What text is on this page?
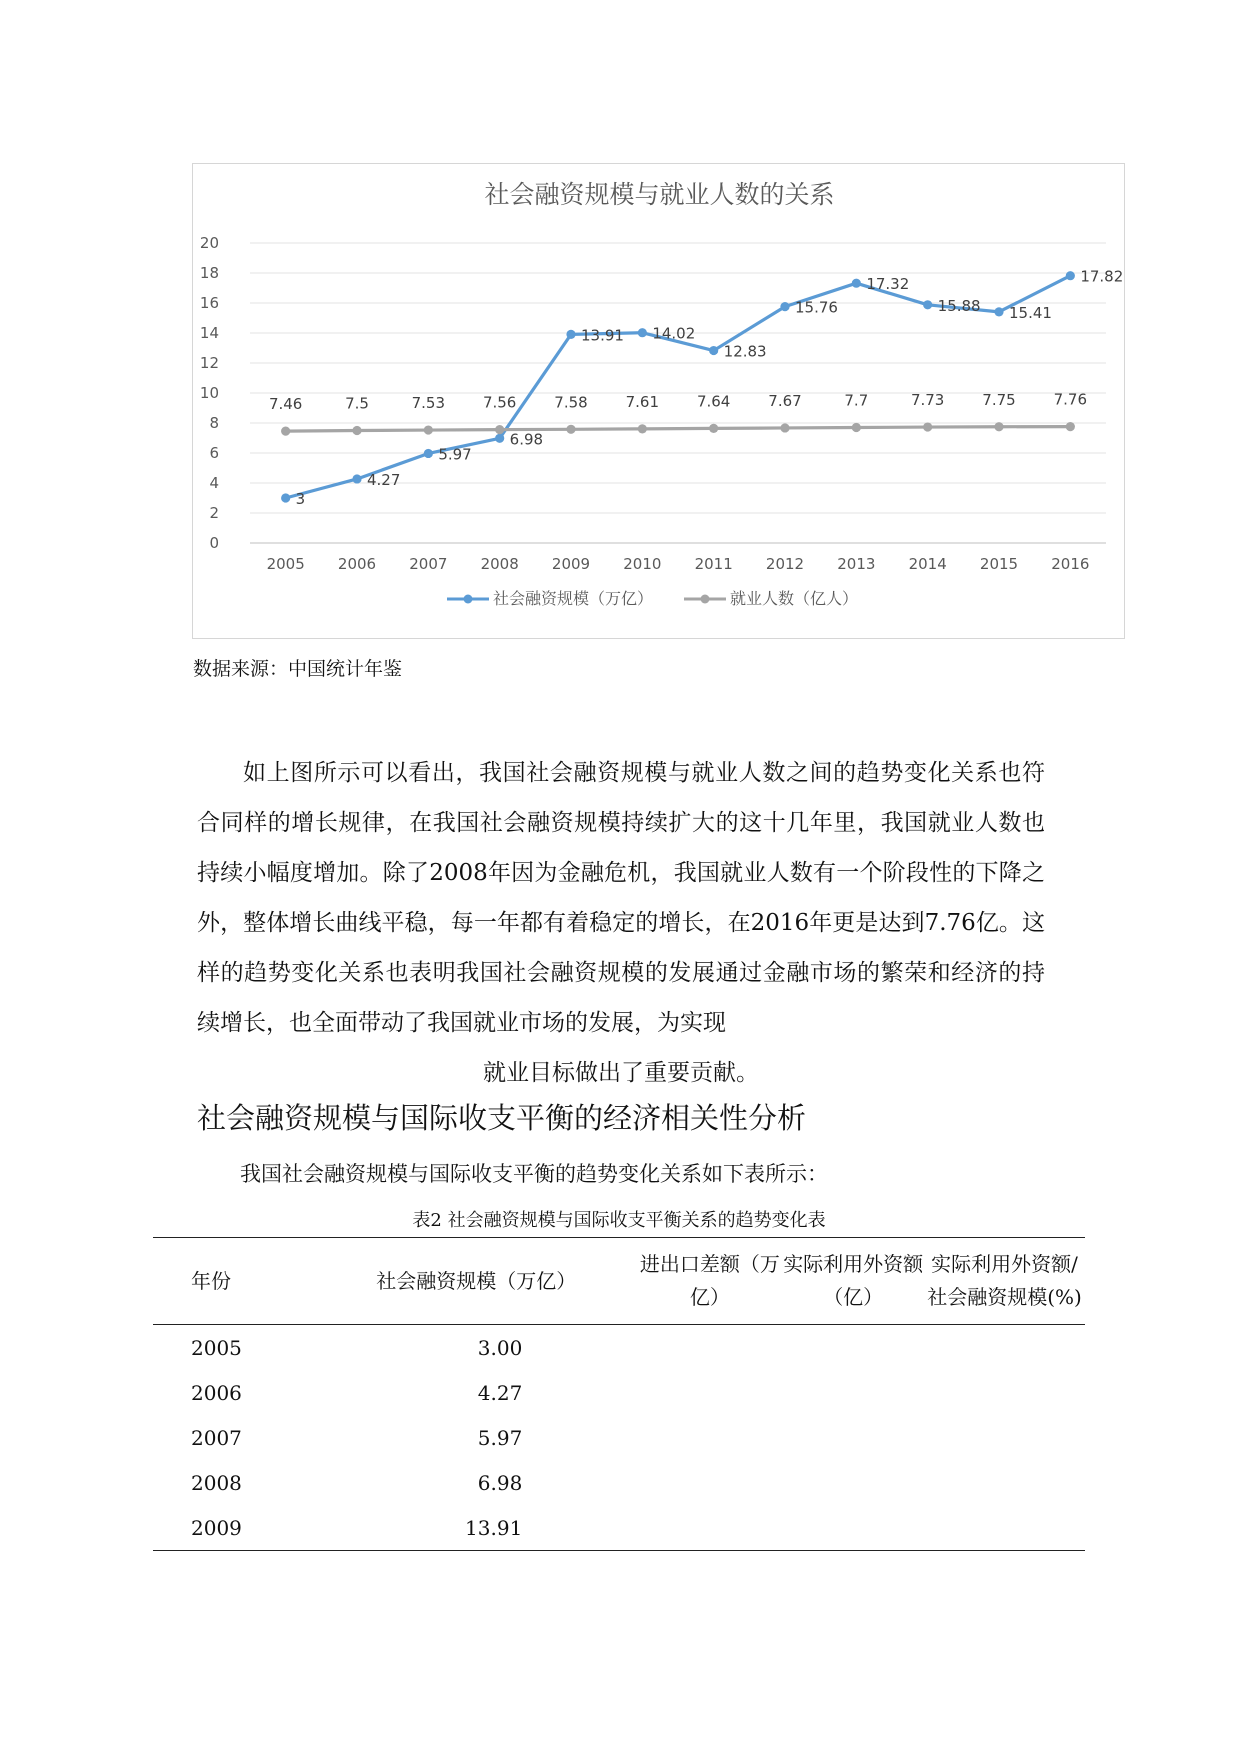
社会融资规模与就业人数的关系
0
2
4
6
8
10
12
14
16
18
20
2005 2006 2007 2008 2009 2010 2011 2012 2013 2014 2015 2016
7.46	7.5	7.53	7.56	7.58	7.61	7.64	7.67	7.7	7.73	7.75	7.76
3
4.27
5.97
6.98
13.91 14.02
12.83
15.76
17.32
15.88 15.41
17.82
社会融资规模（万亿）	就业人数（亿人）
数据来源：中国统计年鉴

如上图所示可以看出，我国社会融资规模与就业人数之间的趋势变化关系也符合同样的增长规律，在我国社会融资规模持续扩大的这十几年里，我国就业人数也持续小幅度增加。除了2008年因为金融危机，我国就业人数有一个阶段性的下降之外，整体增长曲线平稳，每一年都有着稳定的增长，在2016年更是达到7.76亿。这样的趋势变化关系也表明我国社会融资规模的发展通过金融市场的繁荣和经济的持续增长，也全面带动了我国就业市场的发展，为实现
就业目标做出了重要贡献。

社会融资规模与国际收支平衡的经济相关性分析

我国社会融资规模与国际收支平衡的趋势变化关系如下表所示：

表2 社会融资规模与国际收支平衡关系的趋势变化表
年份	社会融资规模（万亿）	进出口差额（万亿）	实际利用外资额（亿）	实际利用外资额/社会融资规模(%)
2005	3.00			
2006	4.27			
2007	5.97			
2008	6.98			
2009	13.91			
